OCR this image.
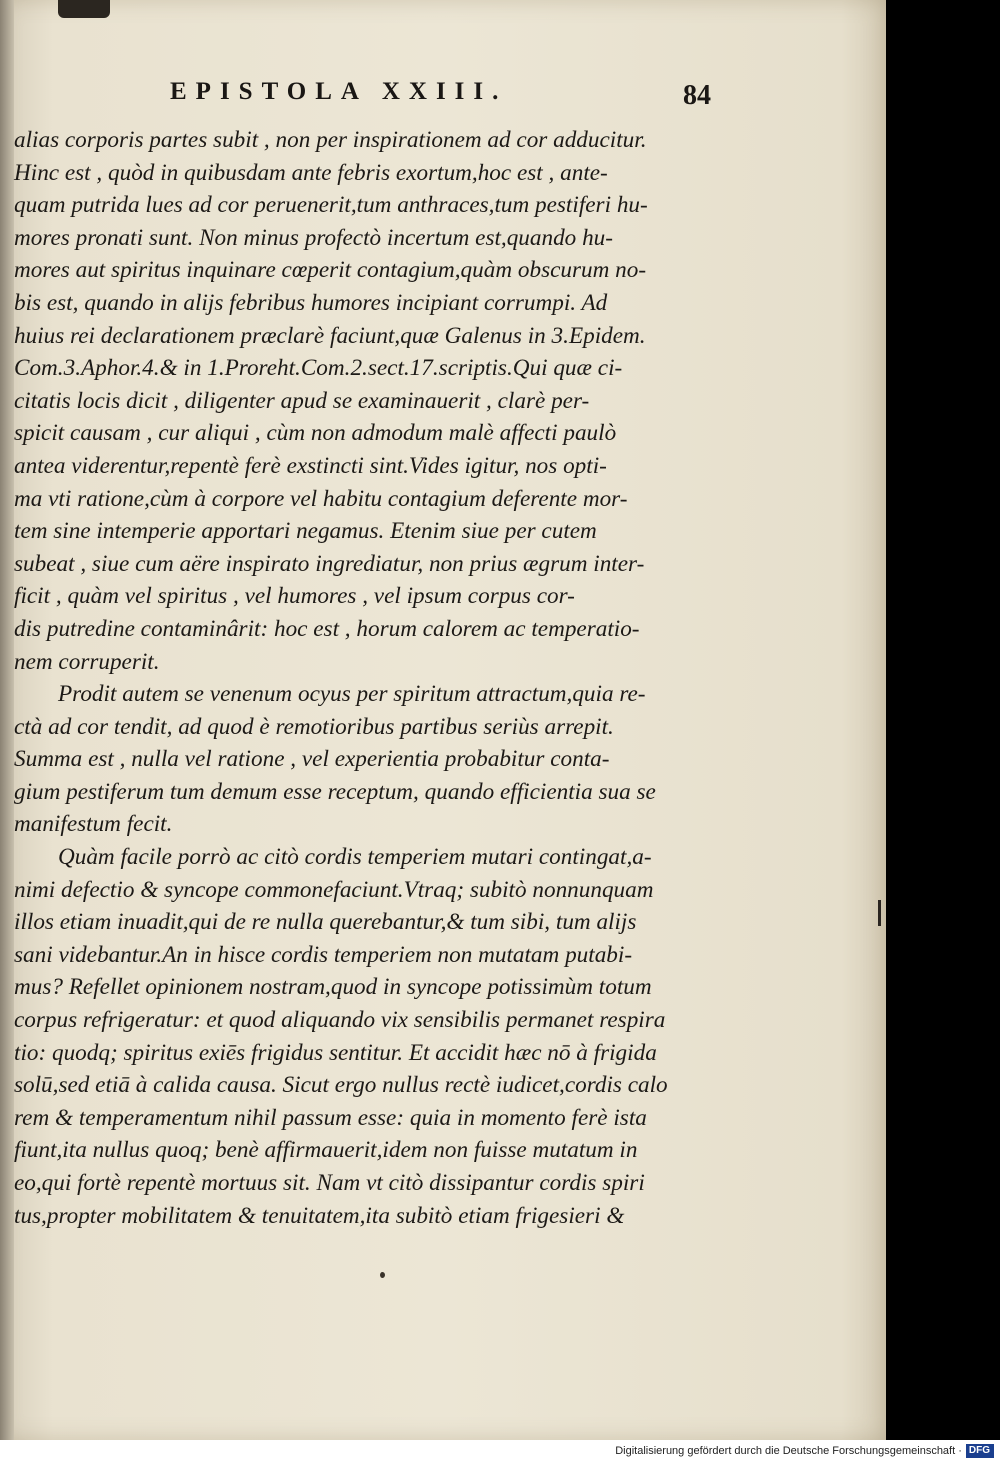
EPISTOLA XXIII.	84
alias corporis partes subit , non per inspirationem ad cor adducitur.
Hinc est , quòd in quibusdam ante febris exortum,hoc est , ante-
quam putrida lues ad cor peruenerit,tum anthraces,tum pestiferi hu-
mores pronati sunt. Non minus profectò incertum est,quando hu-
mores aut spiritus inquinare cœperit contagium,quàm obscurum no-
bis est, quando in alijs febribus humores incipiant corrumpi. Ad
huius rei declarationem præclarè faciunt,quæ Galenus in 3.Epidem.
Com.3.Aphor.4.& in 1.Proreht.Com.2.sect.17.scriptis.Qui quæ ci-
citatis locis dicit , diligenter apud se examinauerit , clarè per-
spicit causam , cur aliqui , cùm non admodum malè affecti paulò
antea viderentur,repentè ferè exstincti sint.Vides igitur, nos opti-
ma vti ratione,cùm à corpore vel habitu contagium deferente mor-
tem sine intemperie apportari negamus. Etenim siue per cutem
subeat , siue cum aëre inspirato ingrediatur, non prius ægrum inter-
ficit , quàm vel spiritus , vel humores , vel ipsum corpus cor-
dis putredine contaminârit: hoc est , horum calorem ac temperatio-
nem corruperit.
Prodit autem se venenum ocyus per spiritum attractum,quia re-
ctà ad cor tendit, ad quod è remotioribus partibus seriùs arrepit.
Summa est , nulla vel ratione , vel experientia probabitur conta-
gium pestiferum tum demum esse receptum, quando efficientia sua se
manifestum fecit.
Quàm facile porrò ac citò cordis temperiem mutari contingat,a-
nimi defectio & syncope commonefaciunt.Vtraq; subitò nonnunquam
illos etiam inuadit,qui de re nulla querebantur,& tum sibi, tum alijs
sani videbantur.An in hisce cordis temperiem non mutatam putabi-
mus? Refellet opinionem nostram,quod in syncope potissimùm totum
corpus refrigeratur: et quod aliquando vix sensibilis permanet respira
tio: quodq; spiritus exiēs frigidus sentitur. Et accidit hæc nō à frigida
solū,sed etiā à calida causa. Sicut ergo nullus rectè iudicet,cordis calo
rem & temperamentum nihil passum esse: quia in momento ferè ista
fiunt,ita nullus quoq; benè affirmauerit,idem non fuisse mutatum in
eo,qui fortè repentè mortuus sit. Nam vt citò dissipantur cordis spiri
tus,propter mobilitatem & tenuitatem,ita subitò etiam frigesieri &
Digitalisierung gefördert durch die Deutsche Forschungsgemeinschaft · DFG
